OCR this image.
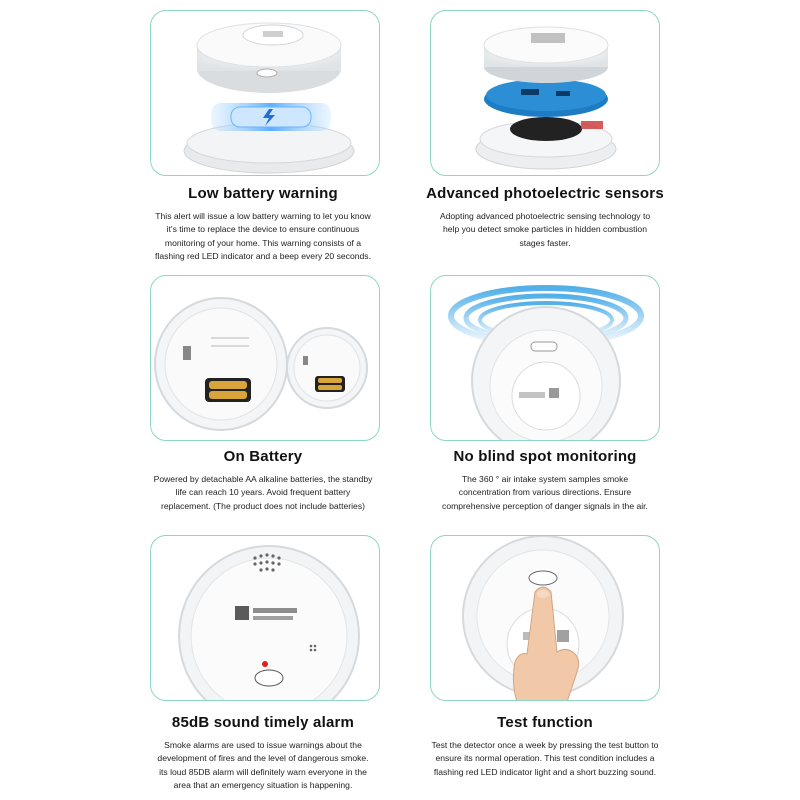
Low battery warning
This alert will issue a low battery warning to let you know
it's time to replace the device to ensure continuous
monitoring of your home. This warning consists of a
flashing red LED indicator and a beep every 20 seconds.
Advanced photoelectric sensors
Adopting advanced photoelectric sensing technology to
help you detect smoke particles in hidden combustion
stages faster.
On Battery
Powered by detachable AA alkaline batteries, the standby
life can reach 10 years. Avoid frequent battery
replacement. (The product does not include batteries)
No blind spot monitoring
The 360 ° air intake system samples smoke
concentration from various directions. Ensure
comprehensive perception of danger signals in the air.
85dB sound timely alarm
Smoke alarms are used to issue warnings about the
development of fires and the level of dangerous smoke.
its loud 85DB alarm will definitely warn everyone in the
area that an emergency situation is happening.
Test function
Test the detector once a week by pressing the test button to
ensure its normal operation. This test condition includes a
flashing red LED indicator light and a short buzzing sound.
